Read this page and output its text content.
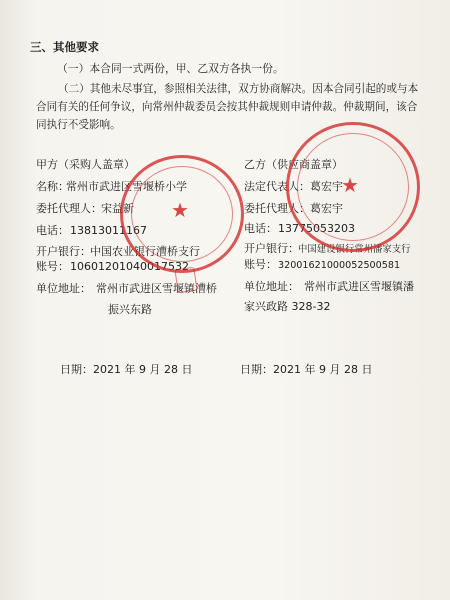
三、其他要求
（一）本合同一式两份，甲、乙双方各执一份。
（二）其他未尽事宜，参照相关法律，双方协商解决。因本合同引起的或与本合同有关的任何争议，向常州仲裁委员会按其仲裁规则申请仲裁。仲裁期间，该合同执行不受影响。
甲方（采购人盖章）
名称：
常州市武进区雪堰桥小学
委托代理人： 宋益新
电话： 13813011167
开户银行： 中国农业银行漕桥支行
账号： 10601201040017532
单位地址： 常州市武进区雪堰镇漕桥
振兴东路
日期：2021 年 9 月 28 日
乙方（供应商盖章）
法定代表人： 葛宏宇
委托代理人： 葛宏宇
电话： 13775053203
开户银行： 中国建设银行常州潘家支行
账号： 32001621000052500581
单位地址： 常州市武进区雪堰镇潘
家兴政路 328-32
日期：2021 年 9 月 28 日
★
★
